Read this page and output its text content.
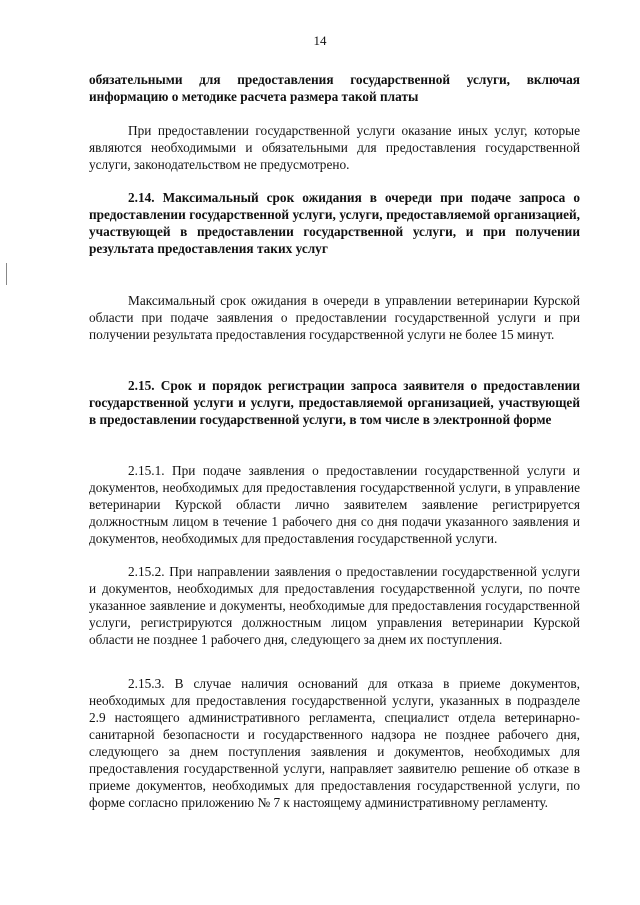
14
обязательными для предоставления государственной услуги, включая информацию о методике расчета размера такой платы
При предоставлении государственной услуги оказание иных услуг, которые являются необходимыми и обязательными для предоставления государственной услуги, законодательством не предусмотрено.
2.14. Максимальный срок ожидания в очереди при подаче запроса о предоставлении государственной услуги, услуги, предоставляемой организацией, участвующей в предоставлении государственной услуги, и при получении результата предоставления таких услуг
Максимальный срок ожидания в очереди в управлении ветеринарии Курской области при подаче заявления о предоставлении государственной услуги и при получении результата предоставления государственной услуги не более 15 минут.
2.15. Срок и порядок регистрации запроса заявителя о предоставлении государственной услуги и услуги, предоставляемой организацией, участвующей в предоставлении государственной услуги, в том числе в электронной форме
2.15.1. При подаче заявления о предоставлении государственной услуги и документов, необходимых для предоставления государственной услуги, в управление ветеринарии Курской области лично заявителем заявление регистрируется должностным лицом в течение 1 рабочего дня со дня подачи указанного заявления и документов, необходимых для предоставления государственной услуги.
2.15.2. При направлении заявления о предоставлении государственной услуги и документов, необходимых для предоставления государственной услуги, по почте указанное заявление и документы, необходимые для предоставления государственной услуги, регистрируются должностным лицом управления ветеринарии Курской области не позднее 1 рабочего дня, следующего за днем их поступления.
2.15.3. В случае наличия оснований для отказа в приеме документов, необходимых для предоставления государственной услуги, указанных в подразделе 2.9 настоящего административного регламента, специалист отдела ветеринарно-санитарной безопасности и государственного надзора не позднее рабочего дня, следующего за днем поступления заявления и документов, необходимых для предоставления государственной услуги, направляет заявителю решение об отказе в приеме документов, необходимых для предоставления государственной услуги, по форме согласно приложению № 7 к настоящему административному регламенту.
